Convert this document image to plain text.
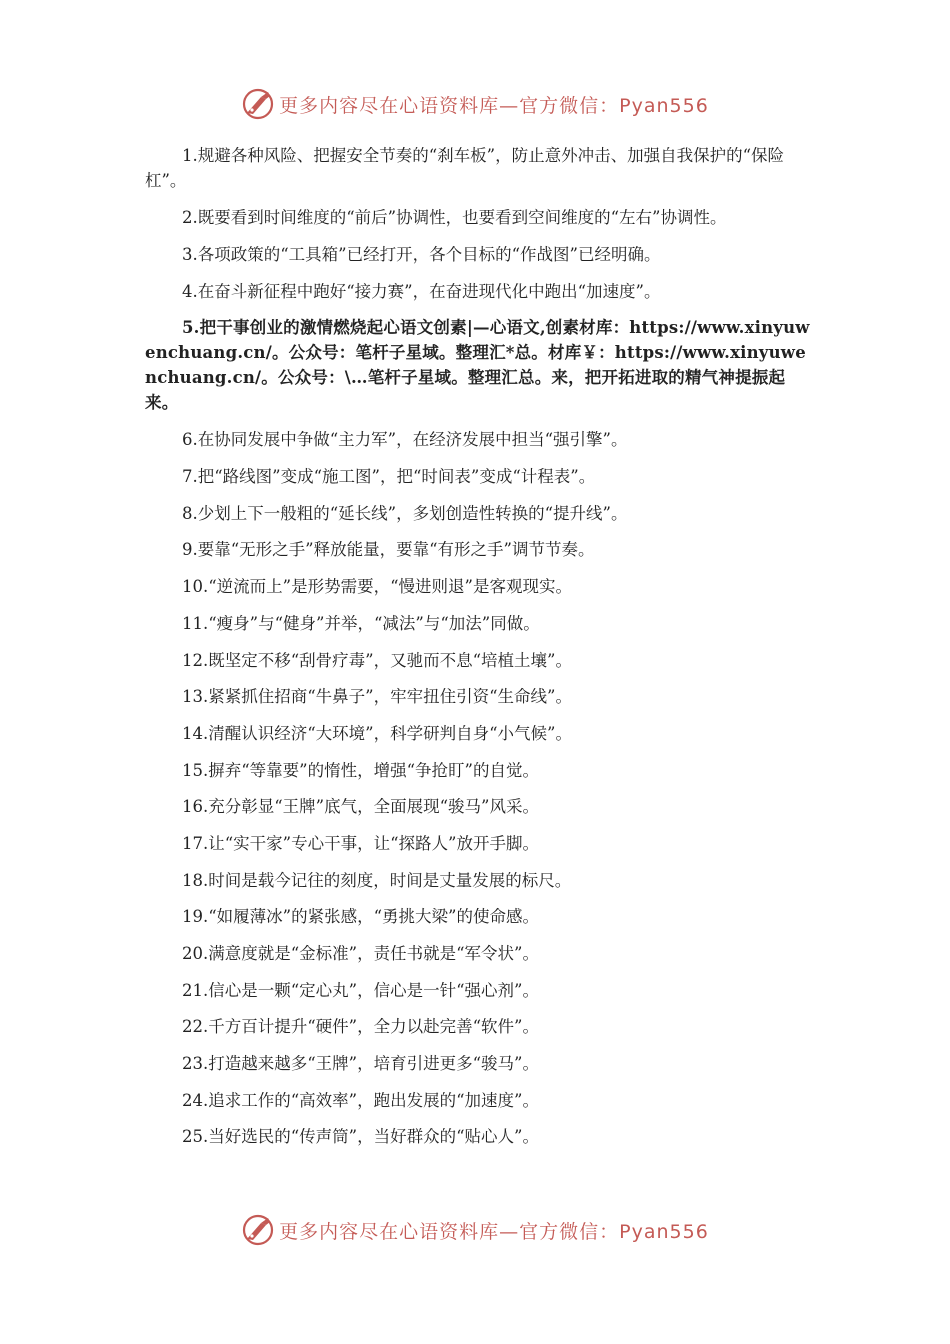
更多内容尽在心语资料库—官方微信：Pyan556

1.规避各种风险、把握安全节奏的“刹车板”，防止意外冲击、加强自我保护的“保险杠”。

2.既要看到时间维度的“前后”协调性，也要看到空间维度的“左右”协调性。

3.各项政策的“工具箱”已经打开，各个目标的“作战图”已经明确。

4.在奋斗新征程中跑好“接力赛”，在奋进现代化中跑出“加速度”。

5.把干事创业的激情燃烧起心语文创素|—心语文,创素材库：https://www.xinyuwenchuang.cn/。公众号：笔杆子星域。整理汇*总。材库￥：https://www.xinyuwenchuang.cn/。公众号：\…笔杆子星域。整理汇总。来，把开拓进取的精气神提振起来。

6.在协同发展中争做“主力军”，在经济发展中担当“强引擎”。

7.把“路线图”变成“施工图”，把“时间表”变成“计程表”。

8.少划上下一般粗的“延长线”，多划创造性转换的“提升线”。

9.要靠“无形之手”释放能量，要靠“有形之手”调节节奏。

10.“逆流而上”是形势需要，“慢进则退”是客观现实。

11.“瘦身”与“健身”并举，“减法”与“加法”同做。

12.既坚定不移“刮骨疗毒”，又驰而不息“培植土壤”。

13.紧紧抓住招商“牛鼻子”，牢牢扭住引资“生命线”。

14.清醒认识经济“大环境”，科学研判自身“小气候”。

15.摒弃“等靠要”的惰性，增强“争抢盯”的自觉。

16.充分彰显“王牌”底气，全面展现“骏马”风采。

17.让“实干家”专心干事，让“探路人”放开手脚。

18.时间是载今记往的刻度，时间是丈量发展的标尺。

19.“如履薄冰”的紧张感，“勇挑大梁”的使命感。

20.满意度就是“金标准”，责任书就是“军令状”。

21.信心是一颗“定心丸”，信心是一针“强心剂”。

22.千方百计提升“硬件”，全力以赴完善“软件”。

23.打造越来越多“王牌”，培育引进更多“骏马”。

24.追求工作的“高效率”，跑出发展的“加速度”。

25.当好选民的“传声筒”，当好群众的“贴心人”。

更多内容尽在心语资料库—官方微信：Pyan556
